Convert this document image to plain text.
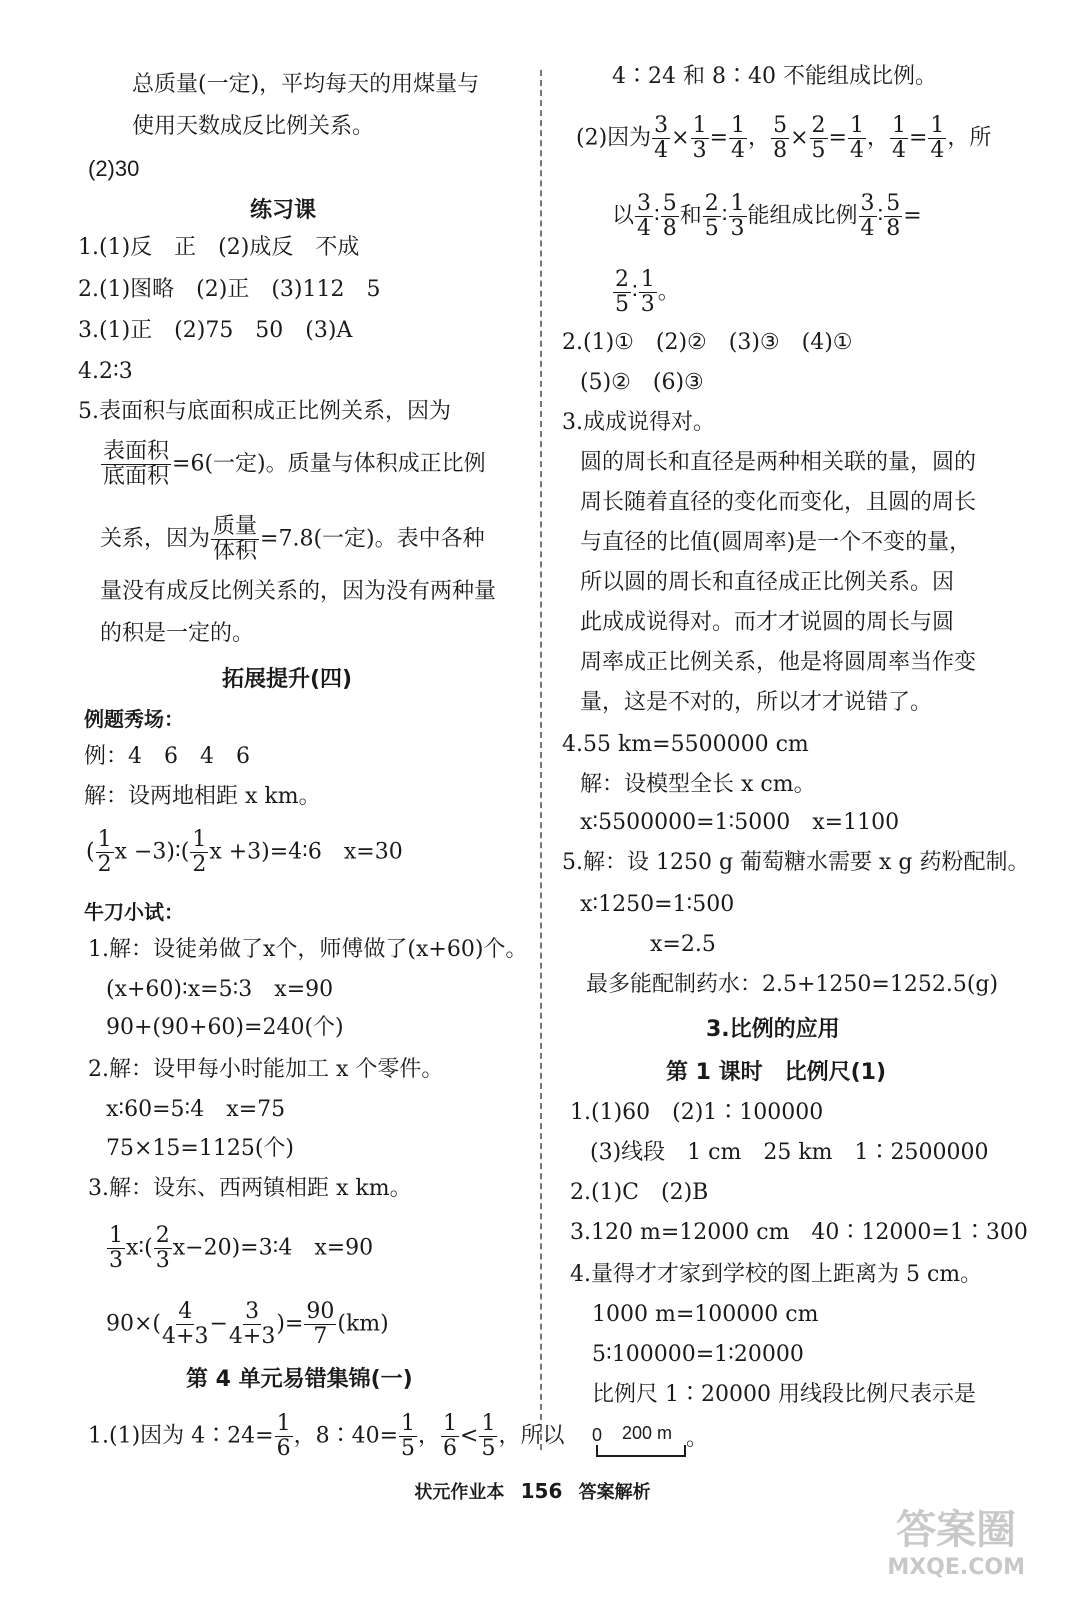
总质量(一定)，平均每天的用煤量与
使用天数成反比例关系。
(2)30
练习课
1.(1)反　正　(2)成反　不成
2.(1)图略　(2)正　(3)112　5
3.(1)正　(2)75　50　(3)A
4.2∶3
5.表面积与底面积成正比例关系，因为
表面积
底面积 =6(一定)。质量与体积成正比例
关系，因为 质量
体积 =7.8(一定)。表中各种
量没有成反比例关系的，因为没有两种量
的积是一定的。
拓展提升(四)
例题秀场：
例：4　6　4　6
解：设两地相距 x km。
( $\frac{1}{2}$ x −3)∶( $\frac{1}{2}$ x +3)=4∶6　x=30
牛刀小试：
1.解：设徒弟做了x个，师傅做了(x+60)个。
(x+60)∶x=5∶3　x=90
90+(90+60)=240(个)
2.解：设甲每小时能加工 x 个零件。
x∶60=5∶4　x=75
75×15=1125(个)
3.解：设东、西两镇相距 x km。
$\frac{1}{3}$ x∶( $\frac{2}{3}$ x−20)=3∶4　x=90
$90\times( \frac{4}{4+3} - \frac{3}{4+3}$ )= $\frac{90}{7} (km)$
第 4 单元易错集锦(一)
1.(1)因为 4∶24= $\frac{1}{6}$ ，8∶40= $\frac{1}{5}$ ， $\frac{1}{6} < \frac{1}{5}$ ，所以
4∶24 和 8∶40 不能组成比例。
(2)因为 $\frac{3}{4} \times \frac{1}{3} = \frac{1}{4}$ ， $\frac{5}{8} \times \frac{2}{5} = \frac{1}{4}$ ， $\frac{1}{4} = \frac{1}{4}$ ，所
以 $\frac{3}{4}$ ∶ $\frac{5}{8}$ 和 $\frac{2}{5}$ ∶ $\frac{1}{3}$ 能组成比例 $\frac{3}{4}$ ∶ $\frac{5}{8}$ =
$\frac{2}{5}$ ∶ $\frac{1}{3}$ 。
2.(1)①　(2)②　(3)③　(4)①
(5)②　(6)③
3.成成说得对。
圆的周长和直径是两种相关联的量，圆的
周长随着直径的变化而变化，且圆的周长
与直径的比值(圆周率)是一个不变的量，
所以圆的周长和直径成正比例关系。因
此成成说得对。而才才说圆的周长与圆
周率成正比例关系，他是将圆周率当作变
量，这是不对的，所以才才说错了。
4.55 km=5500000 cm
解：设模型全长 x cm。
x∶5500000=1∶5000　x=1100
5.解：设 1250 g 葡萄糖水需要 x g 药粉配制。
x∶1250=1∶500
x=2.5
最多能配制药水：2.5+1250=1252.5(g)
3.比例的应用
第 1 课时　比例尺(1)
1.(1)60　(2)1∶100000
(3)线段　1 cm　25 km　1∶2500000
2.(1)C　(2)B
3.120 m=12000 cm　40∶12000=1∶300
4.量得才才家到学校的图上距离为 5 cm。
1000 m=100000 cm
5∶100000=1∶20000
比例尺 1∶20000 用线段比例尺表示是
0 200 m 。
状元作业本 156 答案解析
答案圈
MXQE.COM
